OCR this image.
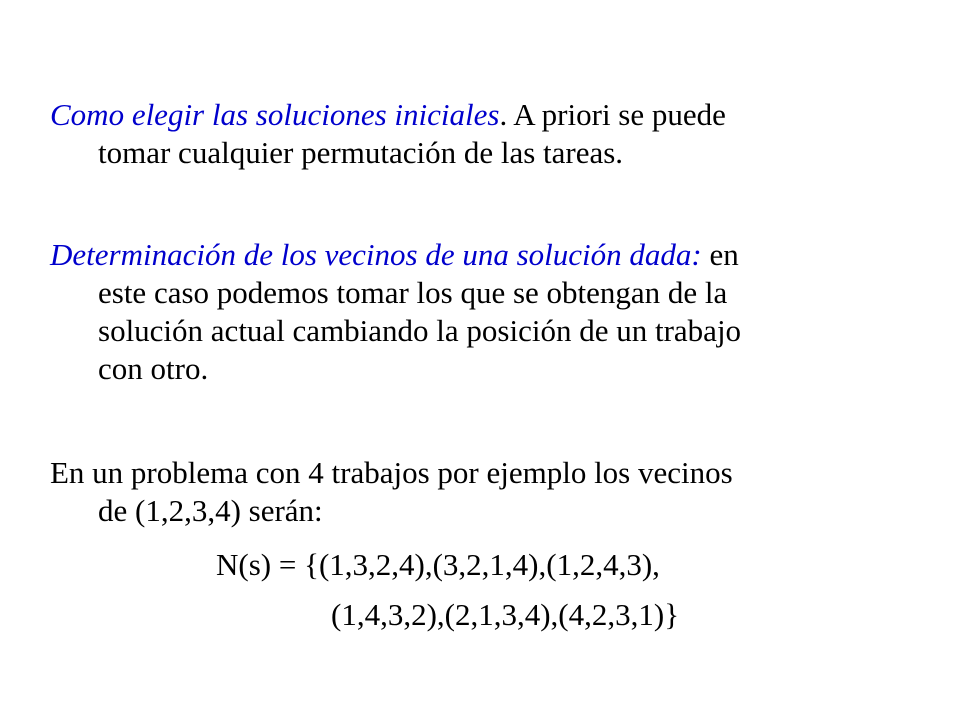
Como elegir las soluciones iniciales. A priori se puede
tomar cualquier permutación de las tareas.
Determinación de los vecinos de una solución dada: en
este caso podemos tomar los que se obtengan de la
solución actual cambiando la posición de un trabajo
con otro.
En un problema con 4 trabajos por ejemplo los vecinos
de (1,2,3,4) serán:
N(s) = {(1,3,2,4),(3,2,1,4),(1,2,4,3),
(1,4,3,2),(2,1,3,4),(4,2,3,1)}
